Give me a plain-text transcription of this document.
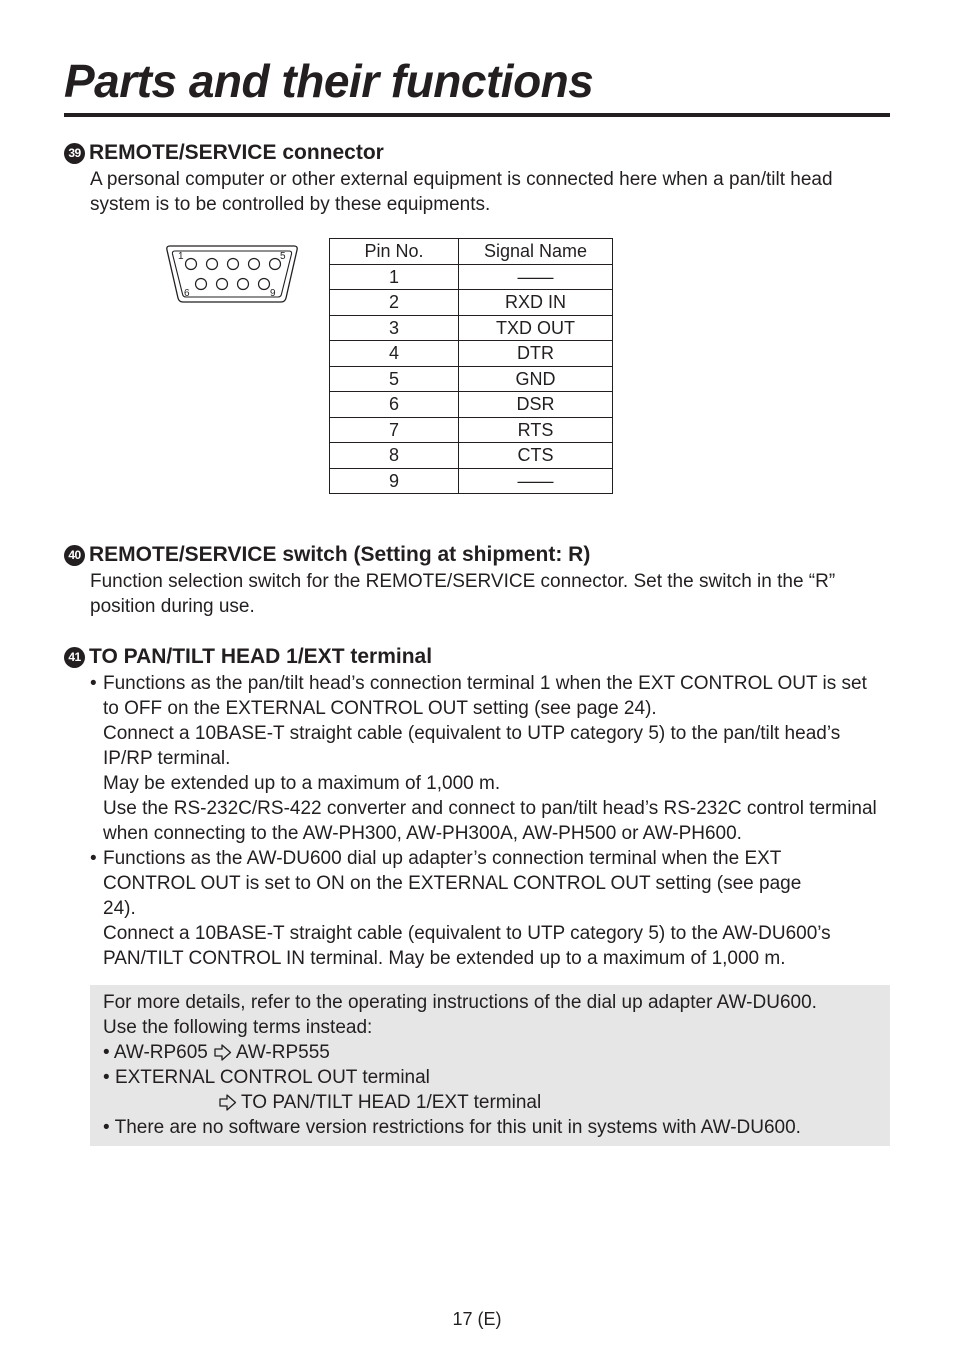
Parts and their functions
39 REMOTE/SERVICE connector

A personal computer or other external equipment is connected here when a pan/tilt head system is to be controlled by these equipments.

1	5
6	9
Pin No.	Signal Name
1	——
2	RXD IN
3	TXD OUT
4	DTR
5	GND
6	DSR
7	RTS
8	CTS
9	——
40 REMOTE/SERVICE switch (Setting at shipment: R)

Function selection switch for the REMOTE/SERVICE connector. Set the switch in the “R” position during use.

41 TO PAN/TILT HEAD 1/EXT terminal
• Functions as the pan/tilt head’s connection terminal 1 when the EXT CONTROL OUT is set to OFF on the EXTERNAL CONTROL OUT setting (see page 24).

Connect a 10BASE-T straight cable (equivalent to UTP category 5) to the pan/tilt head’s IP/RP terminal.

May be extended up to a maximum of 1,000 m.

Use the RS-232C/RS-422 converter and connect to pan/tilt head’s RS-232C control terminal when connecting to the AW-PH300, AW-PH300A, AW-PH500 or AW-PH600.

• Functions as the AW-DU600 dial up adapter’s connection terminal when the EXT CONTROL OUT is set to ON on the EXTERNAL CONTROL OUT setting (see page 24).

Connect a 10BASE-T straight cable (equivalent to UTP category 5) to the AW-DU600’s PAN/TILT CONTROL IN terminal. May be extended up to a maximum of 1,000 m.

For more details, refer to the operating instructions of the dial up adapter AW-DU600.

Use the following terms instead:

• AW-RP605 AW-RP555

• EXTERNAL CONTROL OUT terminal

TO PAN/TILT HEAD 1/EXT terminal

• There are no software version restrictions for this unit in systems with AW-DU600.

17 (E)
